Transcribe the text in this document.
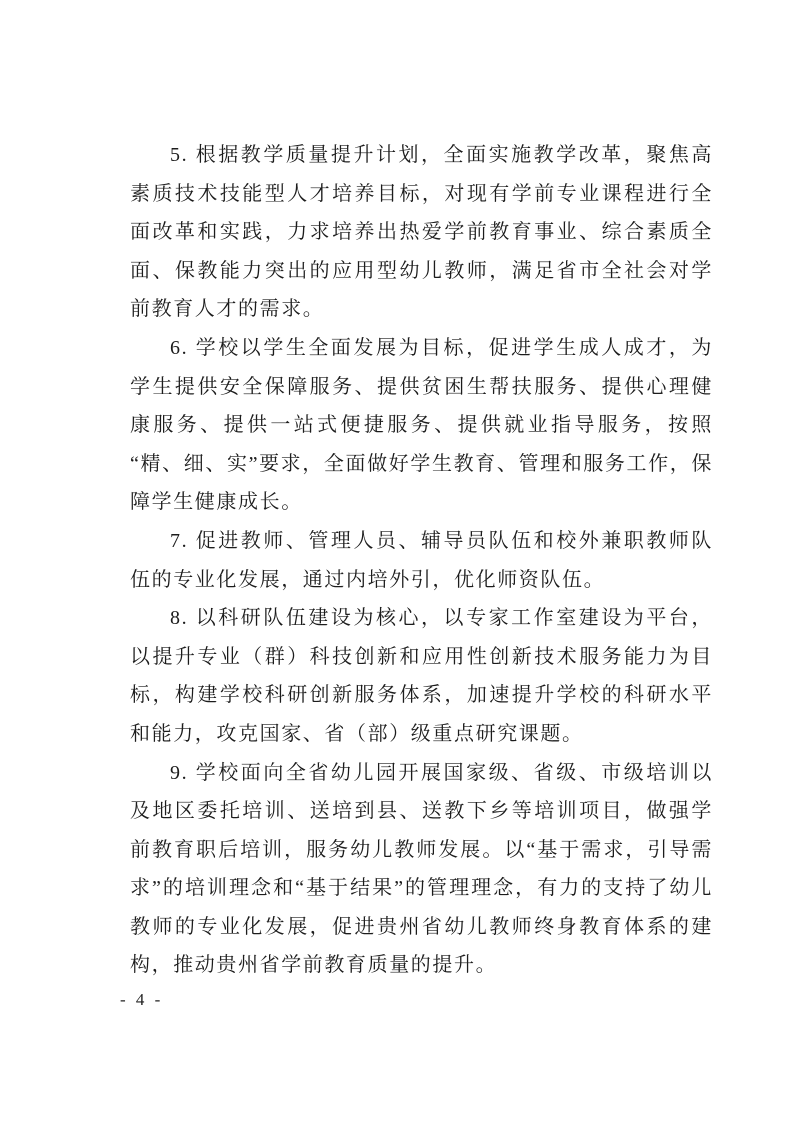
5. 根据教学质量提升计划，全面实施教学改革，聚焦高素质技术技能型人才培养目标，对现有学前专业课程进行全面改革和实践，力求培养出热爱学前教育事业、综合素质全面、保教能力突出的应用型幼儿教师，满足省市全社会对学前教育人才的需求。

6. 学校以学生全面发展为目标，促进学生成人成才，为学生提供安全保障服务、提供贫困生帮扶服务、提供心理健康服务、提供一站式便捷服务、提供就业指导服务，按照“精、细、实”要求，全面做好学生教育、管理和服务工作，保障学生健康成长。

7. 促进教师、管理人员、辅导员队伍和校外兼职教师队伍的专业化发展，通过内培外引，优化师资队伍。

8. 以科研队伍建设为核心，以专家工作室建设为平台，以提升专业（群）科技创新和应用性创新技术服务能力为目标，构建学校科研创新服务体系，加速提升学校的科研水平和能力，攻克国家、省（部）级重点研究课题。

9. 学校面向全省幼儿园开展国家级、省级、市级培训以及地区委托培训、送培到县、送教下乡等培训项目，做强学前教育职后培训，服务幼儿教师发展。以“基于需求，引导需求”的培训理念和“基于结果”的管理理念，有力的支持了幼儿教师的专业化发展，促进贵州省幼儿教师终身教育体系的建构，推动贵州省学前教育质量的提升。

- 4 -
